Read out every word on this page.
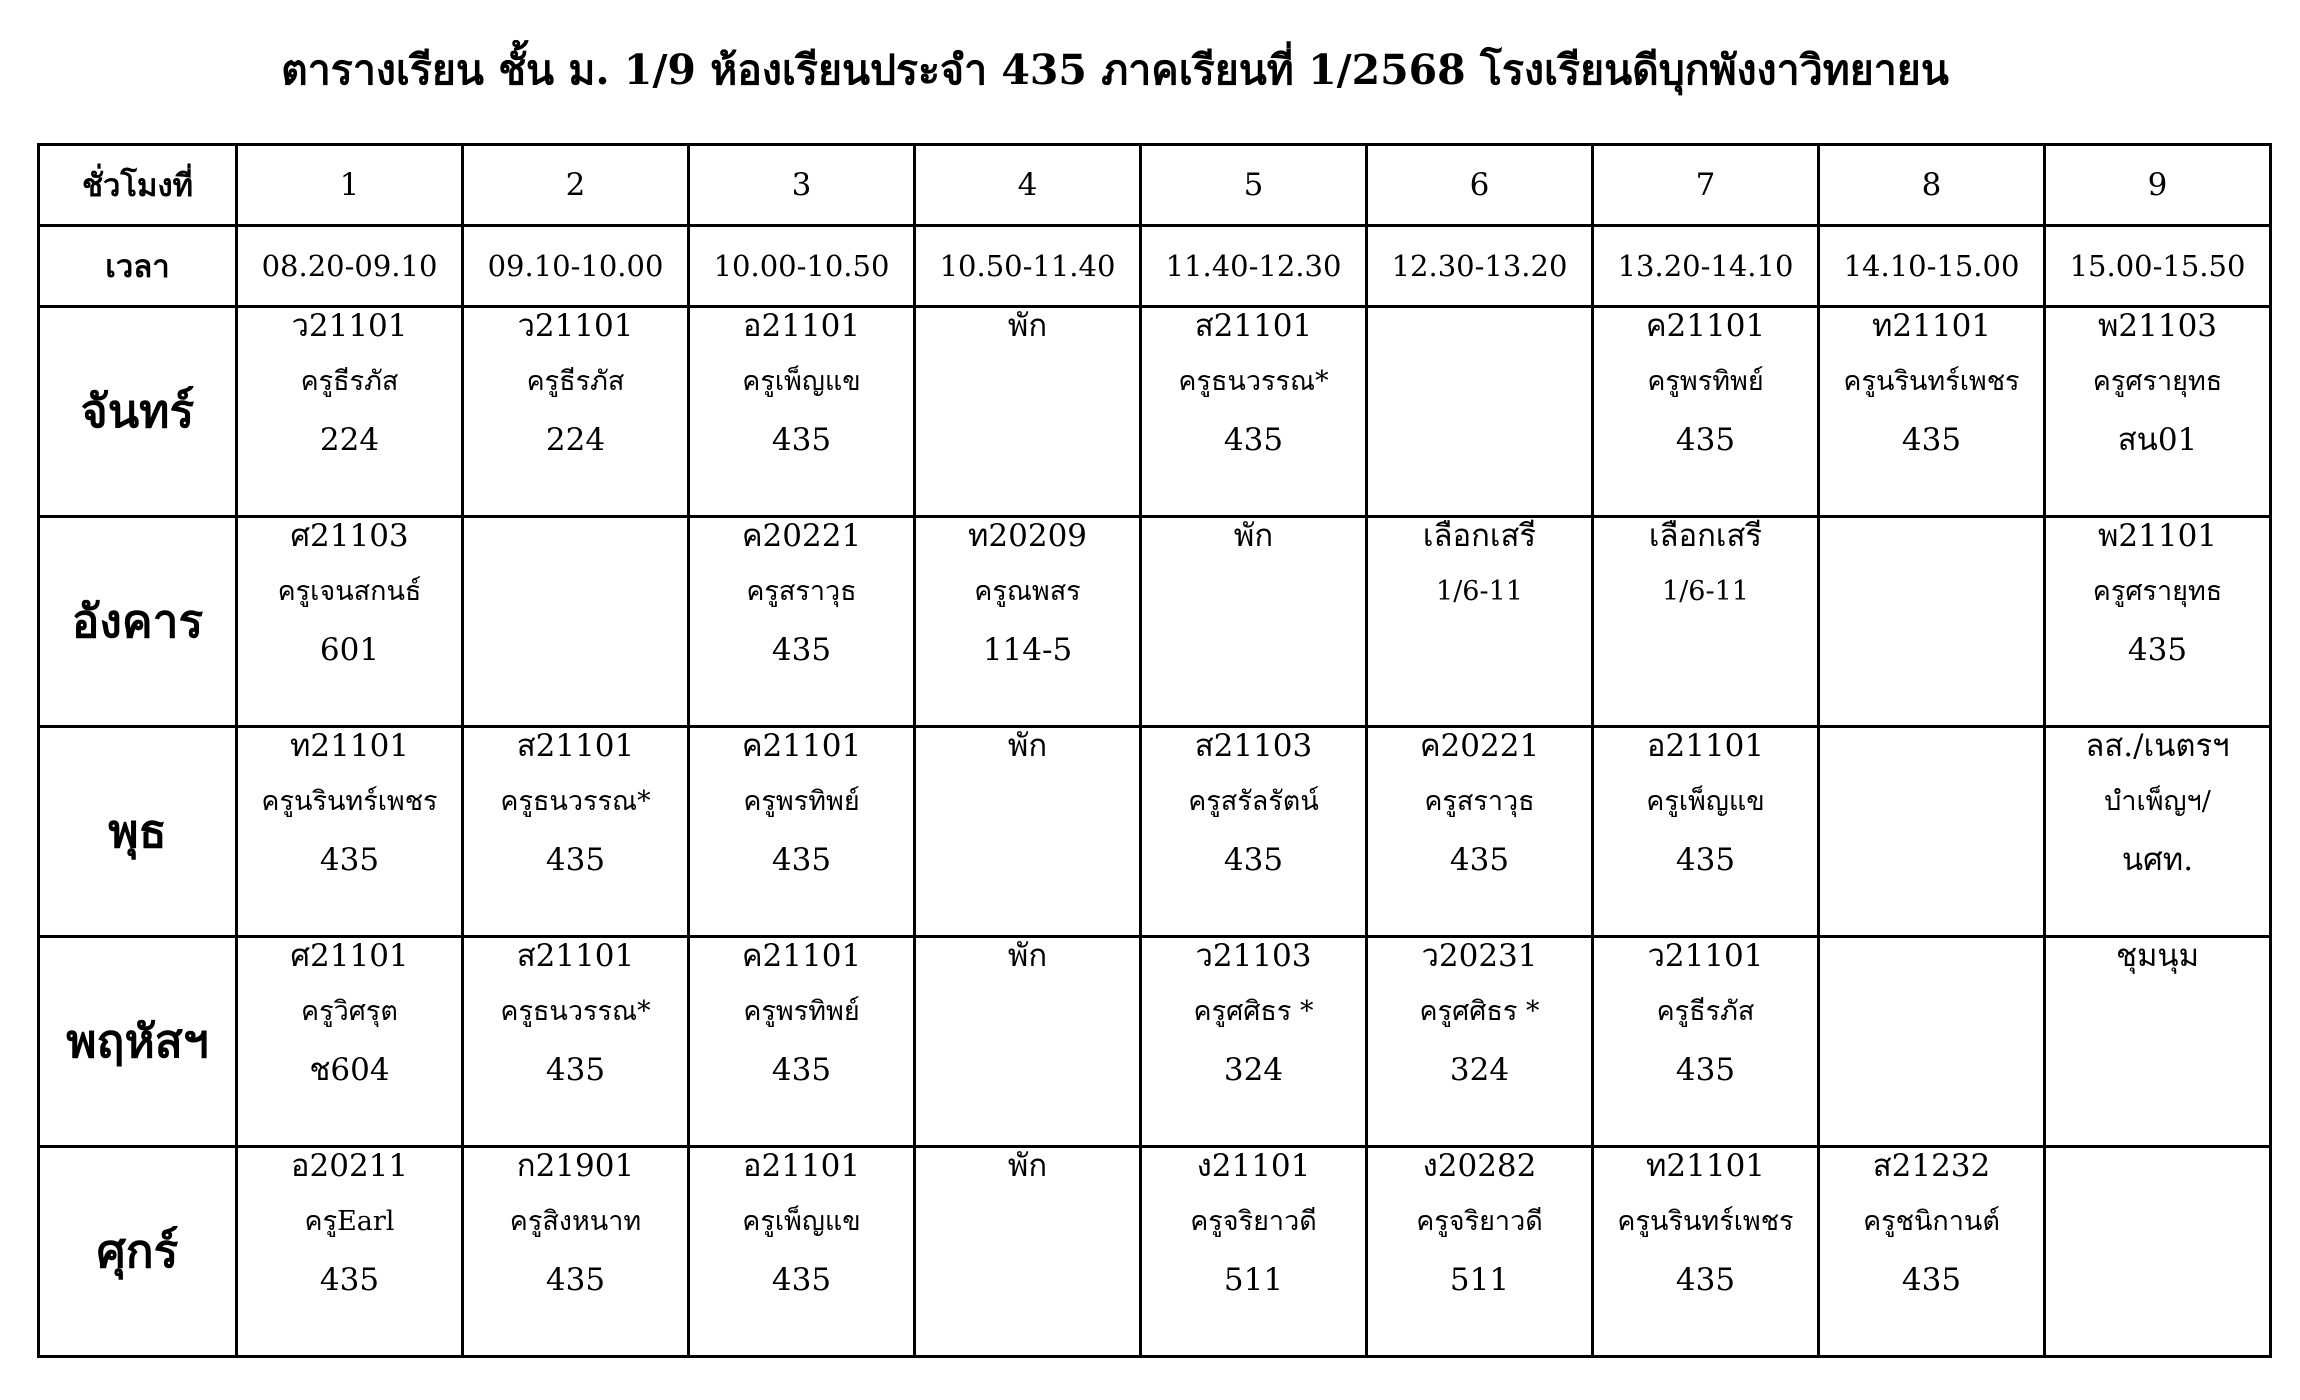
ตารางเรียน ชั้น ม. 1/9 ห้องเรียนประจำ 435 ภาคเรียนที่ 1/2568 โรงเรียนดีบุกพังงาวิทยายน
ชั่วโมงที่	1	2	3	4	5	6	7	8	9
เวลา	08.20-09.10	09.10-10.00	10.00-10.50	10.50-11.40	11.40-12.30	12.30-13.20	13.20-14.10	14.10-15.00	15.00-15.50
จันทร์	ว21101
ครูธีรภัส
224	ว21101
ครูธีรภัส
224	อ21101
ครูเพ็ญแข
435	พัก	ส21101
ครูธนวรรณ*
435		ค21101
ครูพรทิพย์
435	ท21101
ครูนรินทร์เพชร
435	พ21103
ครูศรายุทธ
สน01

อังคาร	ศ21103
ครูเจนสกนธ์
601		ค20221
ครูสราวุธ
435	ท20209
ครูณพสร
114-5	พัก	เลือกเสรี
1/6-11	เลือกเสรี
1/6-11		พ21101
ครูศรายุทธ
435

พุธ	ท21101
ครูนรินทร์เพชร
435	ส21101
ครูธนวรรณ*
435	ค21101
ครูพรทิพย์
435	พัก	ส21103
ครูสรัลรัตน์
435	ค20221
ครูสราวุธ
435	อ21101
ครูเพ็ญแข
435		ลส./เนตรฯ
บำเพ็ญฯ/
นศท.

พฤหัสฯ	ศ21101
ครูวิศรุต
ช604	ส21101
ครูธนวรรณ*
435	ค21101
ครูพรทิพย์
435	พัก	ว21103
ครูศศิธร *
324	ว20231
ครูศศิธร *
324	ว21101
ครูธีรภัส
435		ชุมนุม

ศุกร์	อ20211
ครูEarl
435	ก21901
ครูสิงหนาท
435	อ21101
ครูเพ็ญแข
435	พัก	ง21101
ครูจริยาวดี
511	ง20282
ครูจริยาวดี
511	ท21101
ครูนรินทร์เพชร
435	ส21232
ครูชนิกานต์
435	
